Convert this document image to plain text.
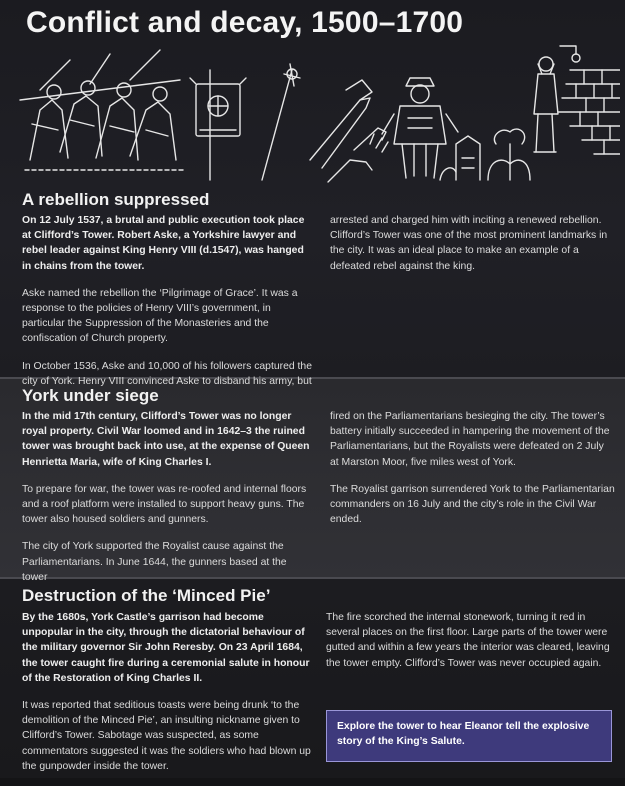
Conflict and decay, 1500–1700
A rebellion suppressed

On 12 July 1537, a brutal and public execution took place at Clifford’s Tower. Robert Aske, a Yorkshire lawyer and rebel leader against King Henry VIII (d.1547), was hanged in chains from the tower.

Aske named the rebellion the ‘Pilgrimage of Grace’. It was a response to the policies of Henry VIII’s government, in particular the Suppression of the Monasteries and the confiscation of Church property.

In October 1536, Aske and 10,000 of his followers captured the city of York. Henry VIII convinced Aske to disband his army, but

arrested and charged him with inciting a renewed rebellion. Clifford’s Tower was one of the most prominent landmarks in the city. It was an ideal place to make an example of a defeated rebel against the king.

York under siege

In the mid 17th century, Clifford’s Tower was no longer royal property. Civil War loomed and in 1642–3 the ruined tower was brought back into use, at the expense of Queen Henrietta Maria, wife of King Charles I.

To prepare for war, the tower was re-roofed and internal floors and a roof platform were installed to support heavy guns. The tower also housed soldiers and gunners.

The city of York supported the Royalist cause against the Parliamentarians. In June 1644, the gunners based at the tower

fired on the Parliamentarians besieging the city. The tower’s battery initially succeeded in hampering the movement of the Parliamentarians, but the Royalists were defeated on 2 July at Marston Moor, five miles west of York.

The Royalist garrison surrendered York to the Parliamentarian commanders on 16 July and the city’s role in the Civil War ended.

Destruction of the ‘Minced Pie’

By the 1680s, York Castle’s garrison had become unpopular in the city, through the dictatorial behaviour of the military governor Sir John Reresby. On 23 April 1684, the tower caught fire during a ceremonial salute in honour of the Restoration of King Charles II.

It was reported that seditious toasts were being drunk ‘to the demolition of the Minced Pie’, an insulting nickname given to Clifford’s Tower. Sabotage was suspected, as some commentators suggested it was the soldiers who had blown up the gunpowder inside the tower.

The fire scorched the internal stonework, turning it red in several places on the first floor. Large parts of the tower were gutted and within a few years the interior was cleared, leaving the tower empty. Clifford’s Tower was never occupied again.

Explore the tower to hear Eleanor tell the explosive story of the King’s Salute.
